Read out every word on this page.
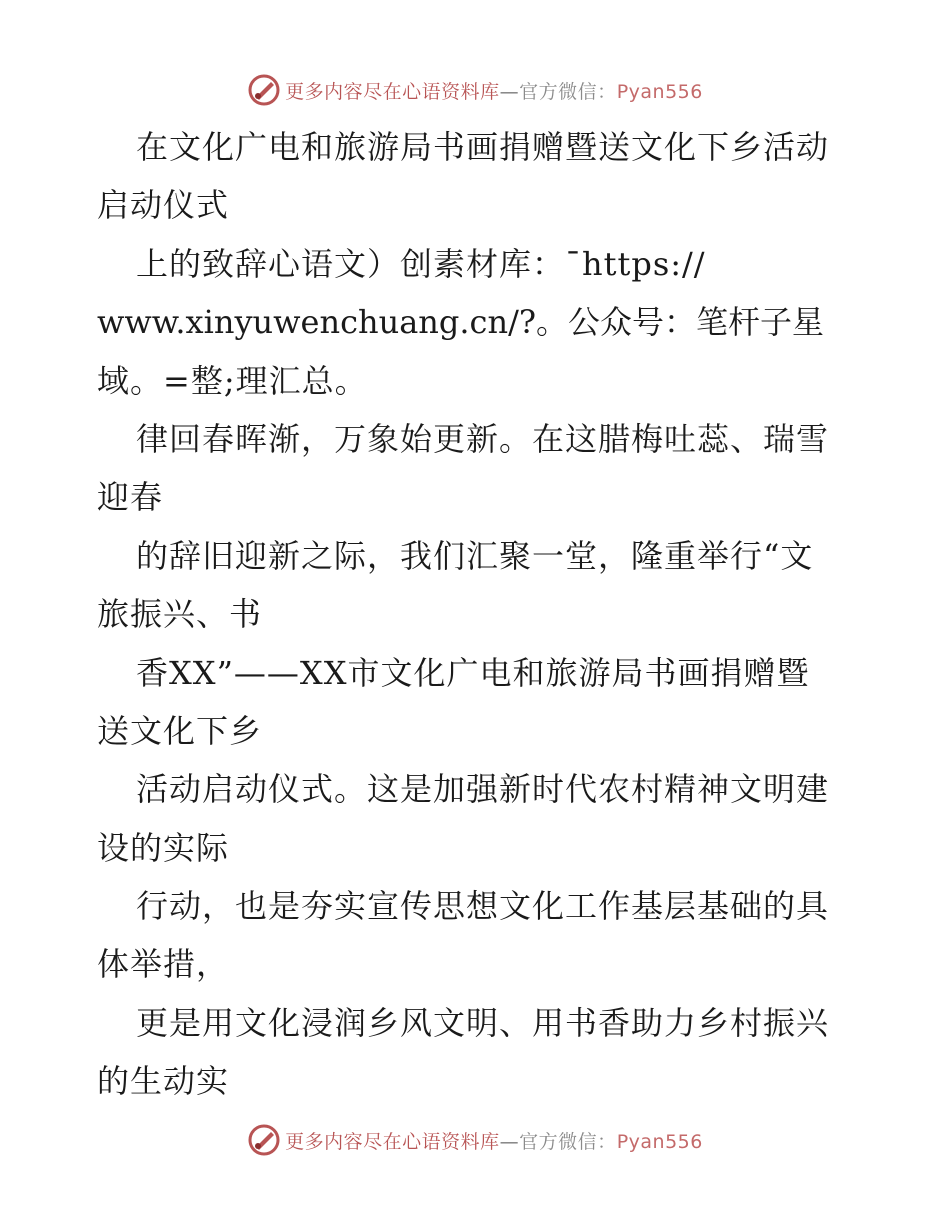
更多内容尽在心语资料库—官方微信：Pyan556
在文化广电和旅游局书画捐赠暨送文化下乡活动
启动仪式
上的致辞心语文）创素材库：¯https://
www.xinyuwenchuang.cn/?。公众号：笔杆子星
域。=整;理汇总。
律回春晖渐，万象始更新。在这腊梅吐蕊、瑞雪
迎春
的辞旧迎新之际，我们汇聚一堂，隆重举行“文
旅振兴、书
香XX”——XX市文化广电和旅游局书画捐赠暨
送文化下乡
活动启动仪式。这是加强新时代农村精神文明建
设的实际
行动，也是夯实宣传思想文化工作基层基础的具
体举措，
更是用文化浸润乡风文明、用书香助力乡村振兴
的生动实
更多内容尽在心语资料库—官方微信：Pyan556
